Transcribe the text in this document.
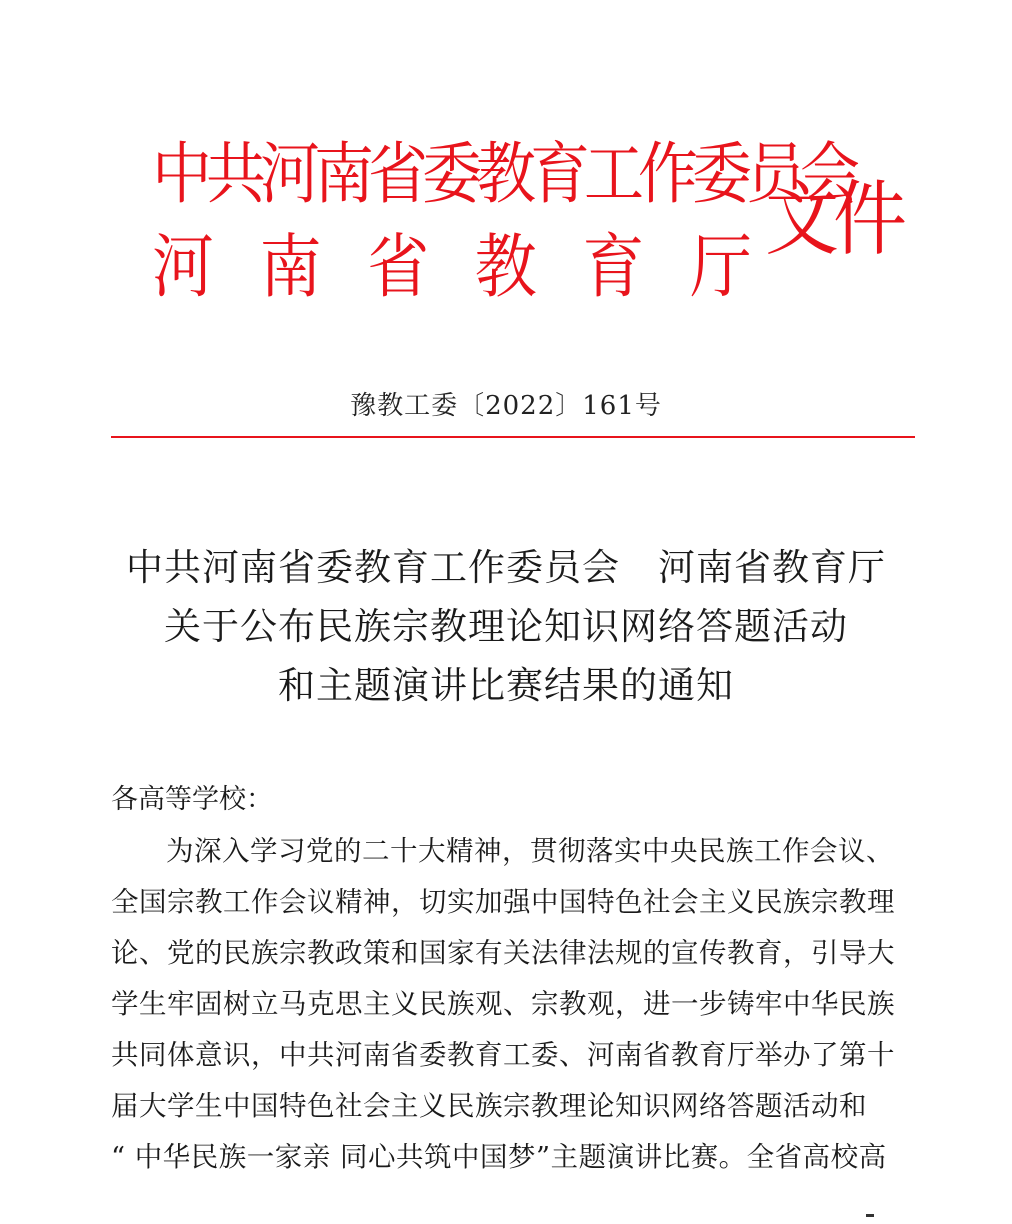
中共河南省委教育工作委员会
河 南 省 教 育 厅 文件
豫教工委〔2022〕161号
中共河南省委教育工作委员会　河南省教育厅
关于公布民族宗教理论知识网络答题活动
和主题演讲比赛结果的通知
各高等学校：
为深入学习党的二十大精神，贯彻落实中央民族工作会议、
全国宗教工作会议精神，切实加强中国特色社会主义民族宗教理
论、党的民族宗教政策和国家有关法律法规的宣传教育，引导大
学生牢固树立马克思主义民族观、宗教观，进一步铸牢中华民族
共同体意识，中共河南省委教育工委、河南省教育厅举办了第十
届大学生中国特色社会主义民族宗教理论知识网络答题活动和
“ 中华民族一家亲 同心共筑中国梦”主题演讲比赛。全省高校高
